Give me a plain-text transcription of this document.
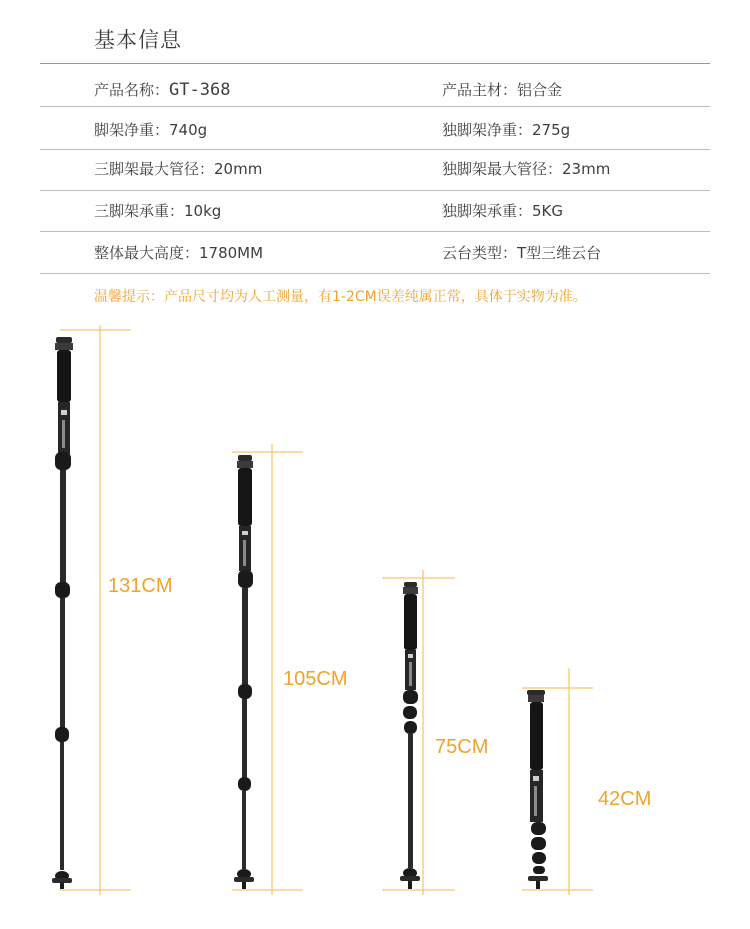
基本信息
产品名称：GT-368	产品主材：铝合金
脚架净重：740g	独脚架净重：275g
三脚架最大管径：20mm	独脚架最大管径：23mm
三脚架承重：10kg	独脚架承重：5KG
整体最大高度：1780MM	云台类型：T型三维云台
温馨提示：产品尺寸均为人工测量，有1-2CM误差纯属正常，具体于实物为准。
131CM
105CM
75CM
42CM
